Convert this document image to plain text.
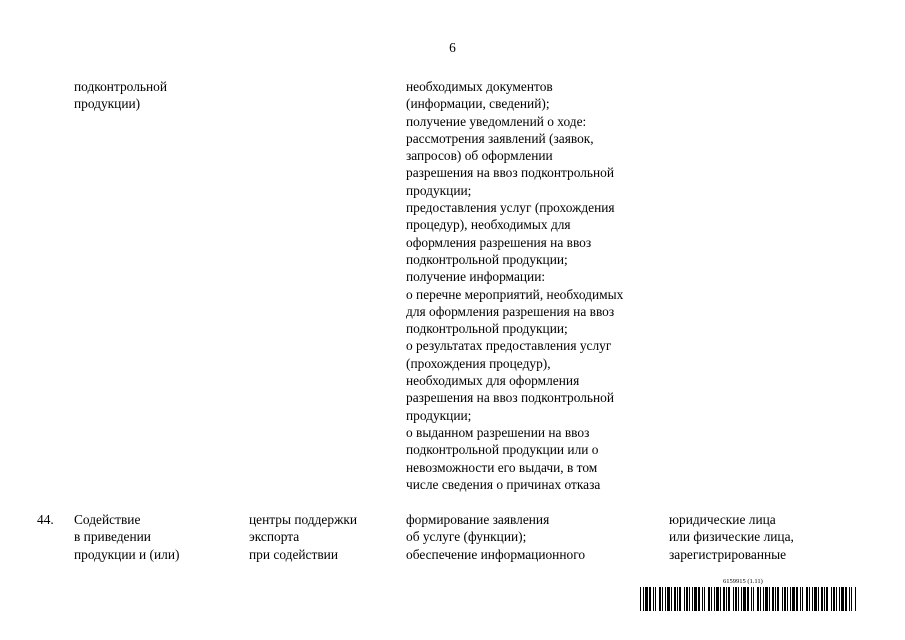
6
подконтрольной
продукции)
необходимых документов
(информации, сведений);
получение уведомлений о ходе:
рассмотрения заявлений (заявок,
запросов) об оформлении
разрешения на ввоз подконтрольной
продукции;
предоставления услуг (прохождения
процедур), необходимых для
оформления разрешения на ввоз
подконтрольной продукции;
получение информации:
о перечне мероприятий, необходимых
для оформления разрешения на ввоз
подконтрольной продукции;
о результатах предоставления услуг
(прохождения процедур),
необходимых для оформления
разрешения на ввоз подконтрольной
продукции;
о выданном разрешении на ввоз
подконтрольной продукции или о
невозможности его выдачи, в том
числе сведения о причинах отказа
44. Содействие
в приведении
продукции и (или)
центры поддержки
экспорта
при содействии
формирование заявления
об услуге (функции);
обеспечение информационного
юридические лица
или физические лица,
зарегистрированные
6159915 (1.11)
